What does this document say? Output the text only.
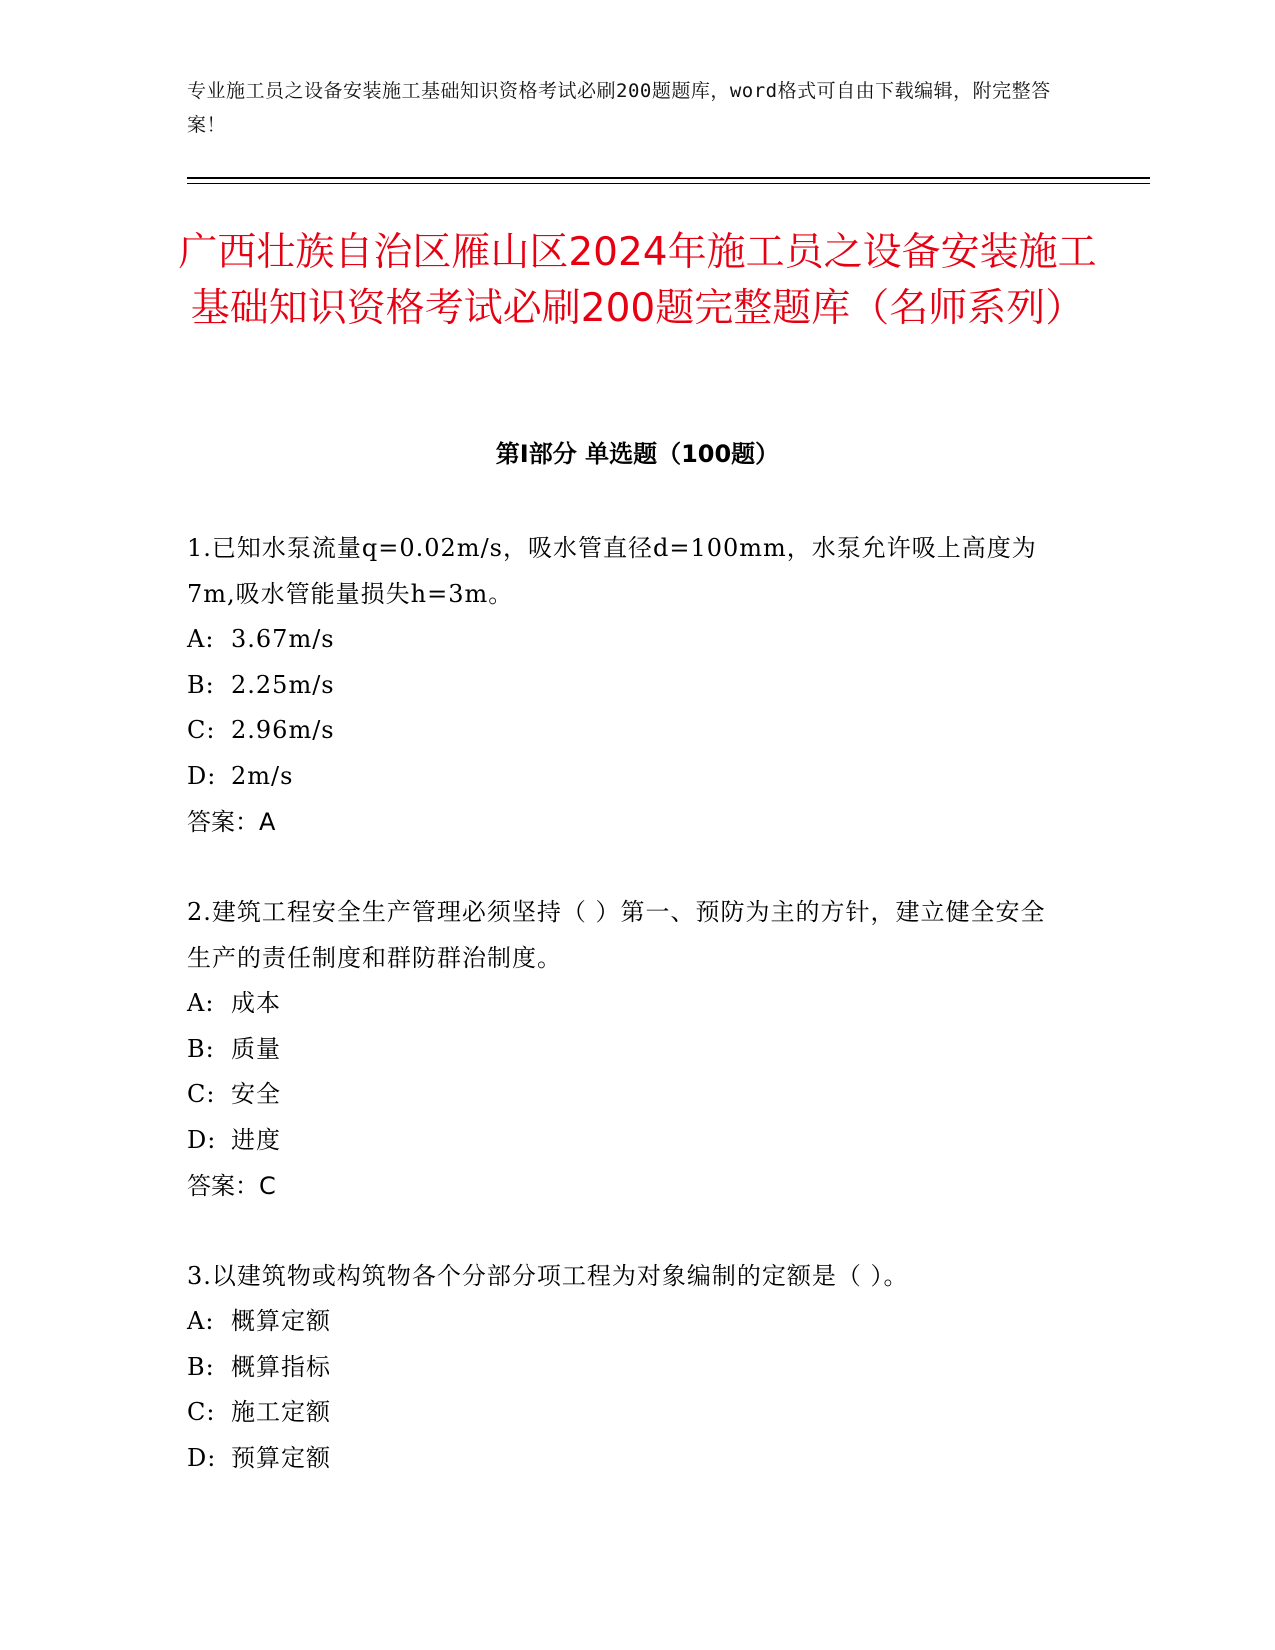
专业施工员之设备安装施工基础知识资格考试必刷200题题库，word格式可自由下载编辑，附完整答案！
广西壮族自治区雁山区2024年施工员之设备安装施工基础知识资格考试必刷200题完整题库（名师系列）
第Ⅰ部分 单选题（100题）

1.已知水泵流量q=0.02m/s，吸水管直径d=100mm，水泵允许吸上高度为7m,吸水管能量损失h=3m。

A: 3.67m/s
B: 2.25m/s
C: 2.96m/s
D: 2m/s

答案：A

2.建筑工程安全生产管理必须坚持（ ）第一、预防为主的方针，建立健全安全生产的责任制度和群防群治制度。

A: 成本
B: 质量
C: 安全
D: 进度

答案：C

3.以建筑物或构筑物各个分部分项工程为对象编制的定额是（ ）。

A: 概算定额
B: 概算指标
C: 施工定额
D: 预算定额
